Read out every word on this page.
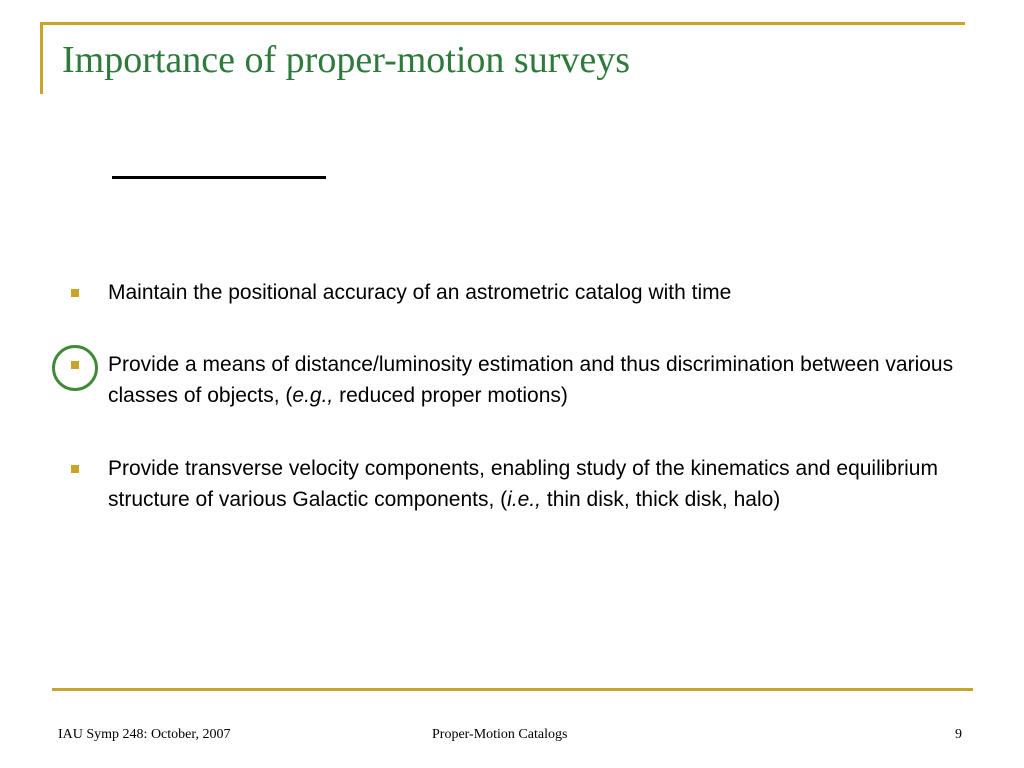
Importance of proper-motion surveys
Maintain the positional accuracy of an astrometric catalog with time
Provide a means of distance/luminosity estimation and thus discrimination between various classes of objects, (e.g., reduced proper motions)
Provide transverse velocity components, enabling study of the kinematics and equilibrium structure of various Galactic components, (i.e., thin disk, thick disk, halo)
IAU Symp 248: October, 2007	Proper-Motion Catalogs	9
